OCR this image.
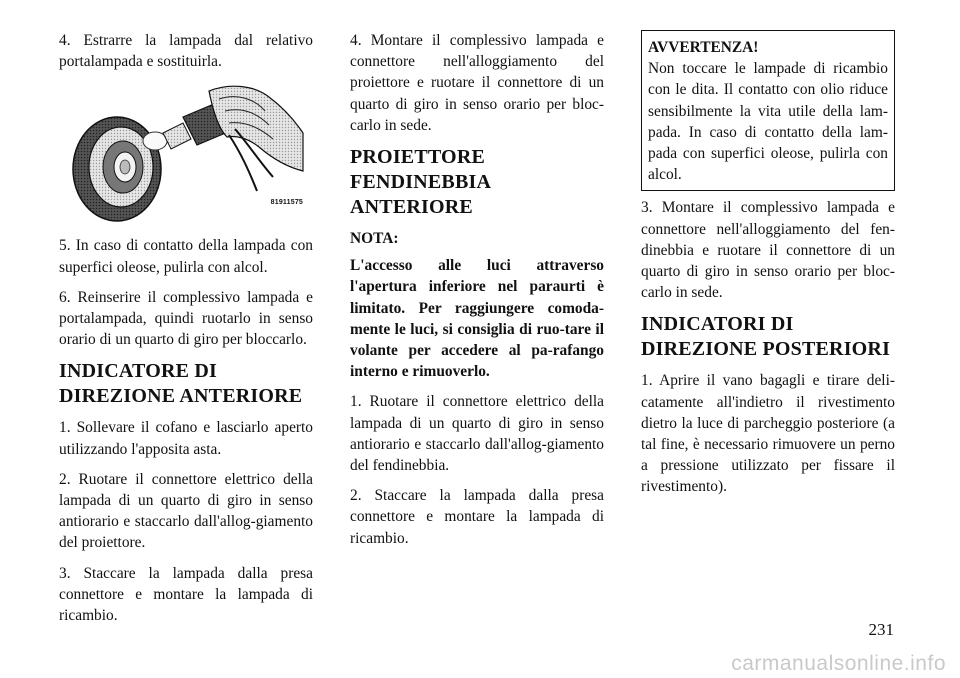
4. Estrarre la lampada dal relativo portalampada e sostituirla.

81911575

5. In caso di contatto della lampada con superfici oleose, pulirla con alcol.

6. Reinserire il complessivo lampada e portalampada, quindi ruotarlo in senso orario di un quarto di giro per bloccarlo.

INDICATORE DI DIREZIONE ANTERIORE

1. Sollevare il cofano e lasciarlo aperto utilizzando l'apposita asta.

2. Ruotare il connettore elettrico della lampada di un quarto di giro in senso antiorario e staccarlo dall'allog-giamento del proiettore.

3. Staccare la lampada dalla presa connettore e montare la lampada di ricambio.

4. Montare il complessivo lampada e connettore nell'alloggiamento del proiettore e ruotare il connettore di un quarto di giro in senso orario per bloc-carlo in sede.

PROIETTORE FENDINEBBIA ANTERIORE
NOTA:

L'accesso alle luci attraverso l'apertura inferiore nel paraurti è limitato. Per raggiungere comoda-mente le luci, si consiglia di ruo-tare il volante per accedere al pa-rafango interno e rimuoverlo.

1. Ruotare il connettore elettrico della lampada di un quarto di giro in senso antiorario e staccarlo dall'allog-giamento del fendinebbia.

2. Staccare la lampada dalla presa connettore e montare la lampada di ricambio.

AVVERTENZA!

Non toccare le lampade di ricambio con le dita. Il contatto con olio riduce sensibilmente la vita utile della lam-pada. In caso di contatto della lam-pada con superfici oleose, pulirla con alcol.

3. Montare il complessivo lampada e connettore nell'alloggiamento del fen-dinebbia e ruotare il connettore di un quarto di giro in senso orario per bloc-carlo in sede.

INDICATORI DI DIREZIONE POSTERIORI

1. Aprire il vano bagagli e tirare deli-catamente all'indietro il rivestimento dietro la luce di parcheggio posteriore (a tal fine, è necessario rimuovere un perno a pressione utilizzato per fissare il rivestimento).

231
carmanualsonline.info
